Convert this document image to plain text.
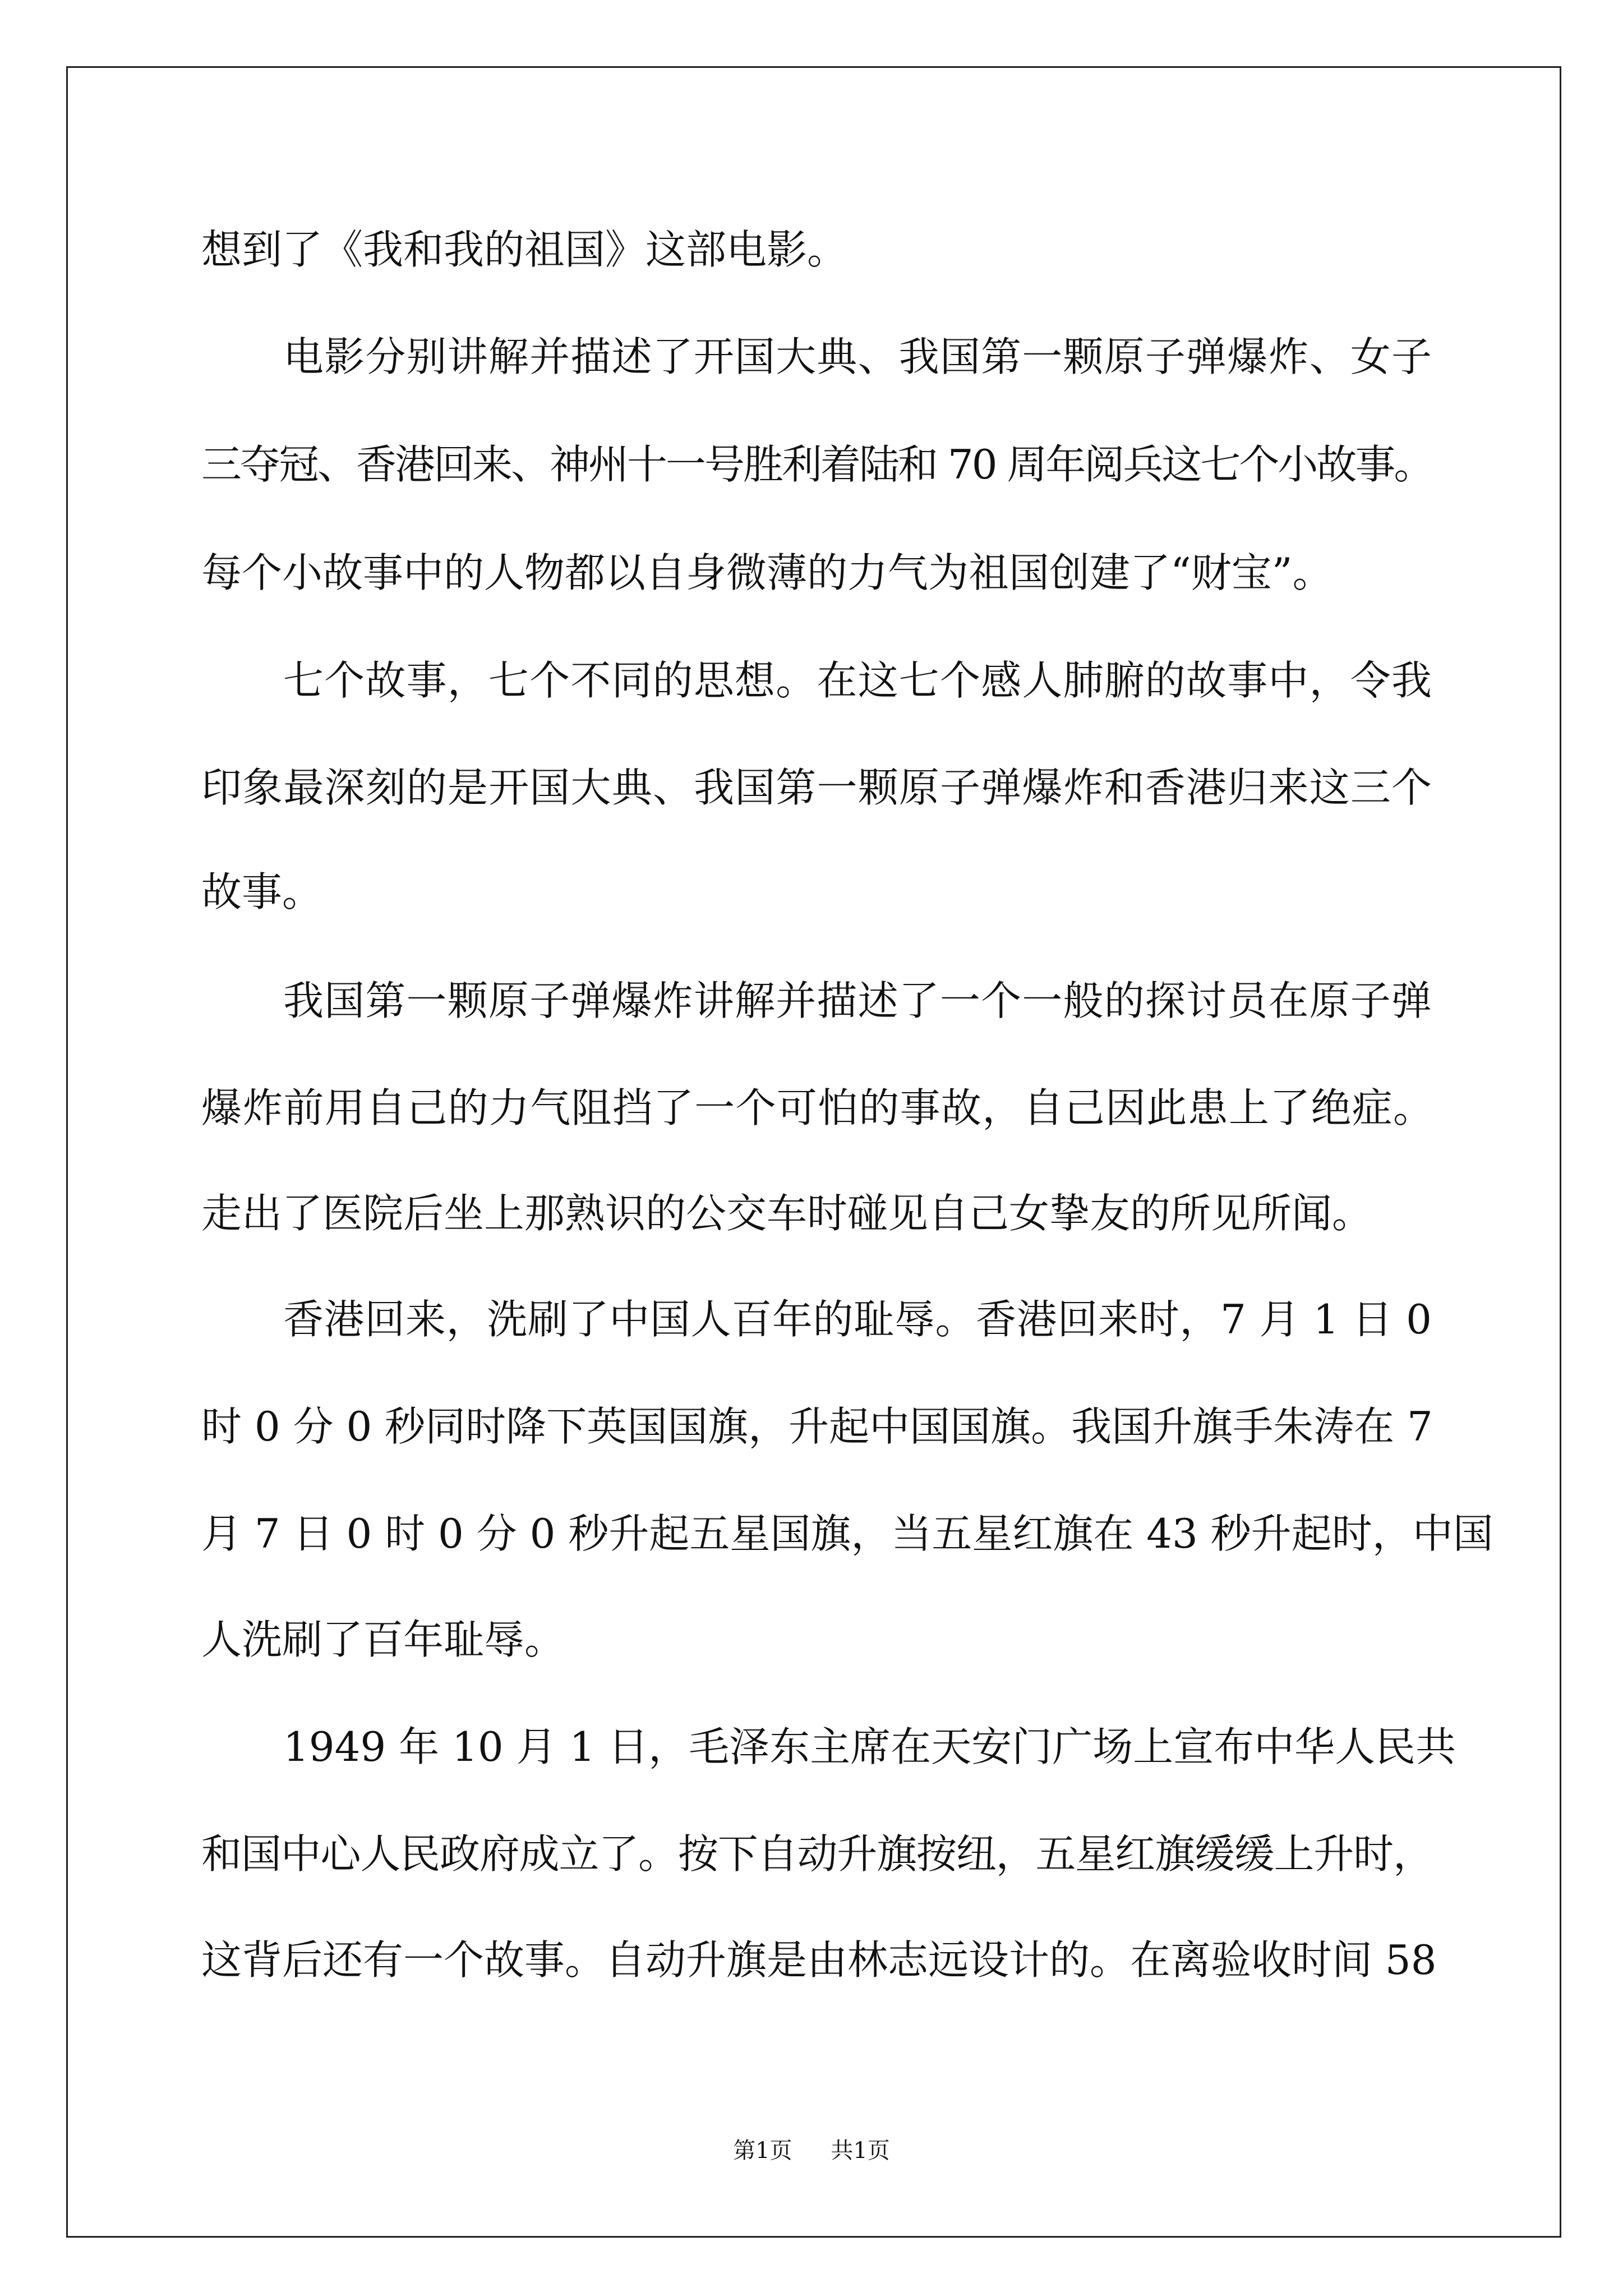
想到了《我和我的祖国》这部电影。
电影分别讲解并描述了开国大典、我国第一颗原子弹爆炸、女子
三夺冠、香港回来、神州十一号胜利着陆和 70 周年阅兵这七个小故事。
每个小故事中的人物都以自身微薄的力气为祖国创建了“财宝”。
七个故事，七个不同的思想。在这七个感人肺腑的故事中，令我
印象最深刻的是开国大典、我国第一颗原子弹爆炸和香港归来这三个
故事。
我国第一颗原子弹爆炸讲解并描述了一个一般的探讨员在原子弹
爆炸前用自己的力气阻挡了一个可怕的事故，自己因此患上了绝症。
走出了医院后坐上那熟识的公交车时碰见自己女挚友的所见所闻。
香港回来，洗刷了中国人百年的耻辱。香港回来时，7 月 1 日 0
时 0 分 0 秒同时降下英国国旗，升起中国国旗。我国升旗手朱涛在 7
月 7 日 0 时 0 分 0 秒升起五星国旗，当五星红旗在 43 秒升起时，中国
人洗刷了百年耻辱。
1949 年 10 月 1 日，毛泽东主席在天安门广场上宣布中华人民共
和国中心人民政府成立了。按下自动升旗按纽，五星红旗缓缓上升时，
这背后还有一个故事。自动升旗是由林志远设计的。在离验收时间 58
第1页 共1页
